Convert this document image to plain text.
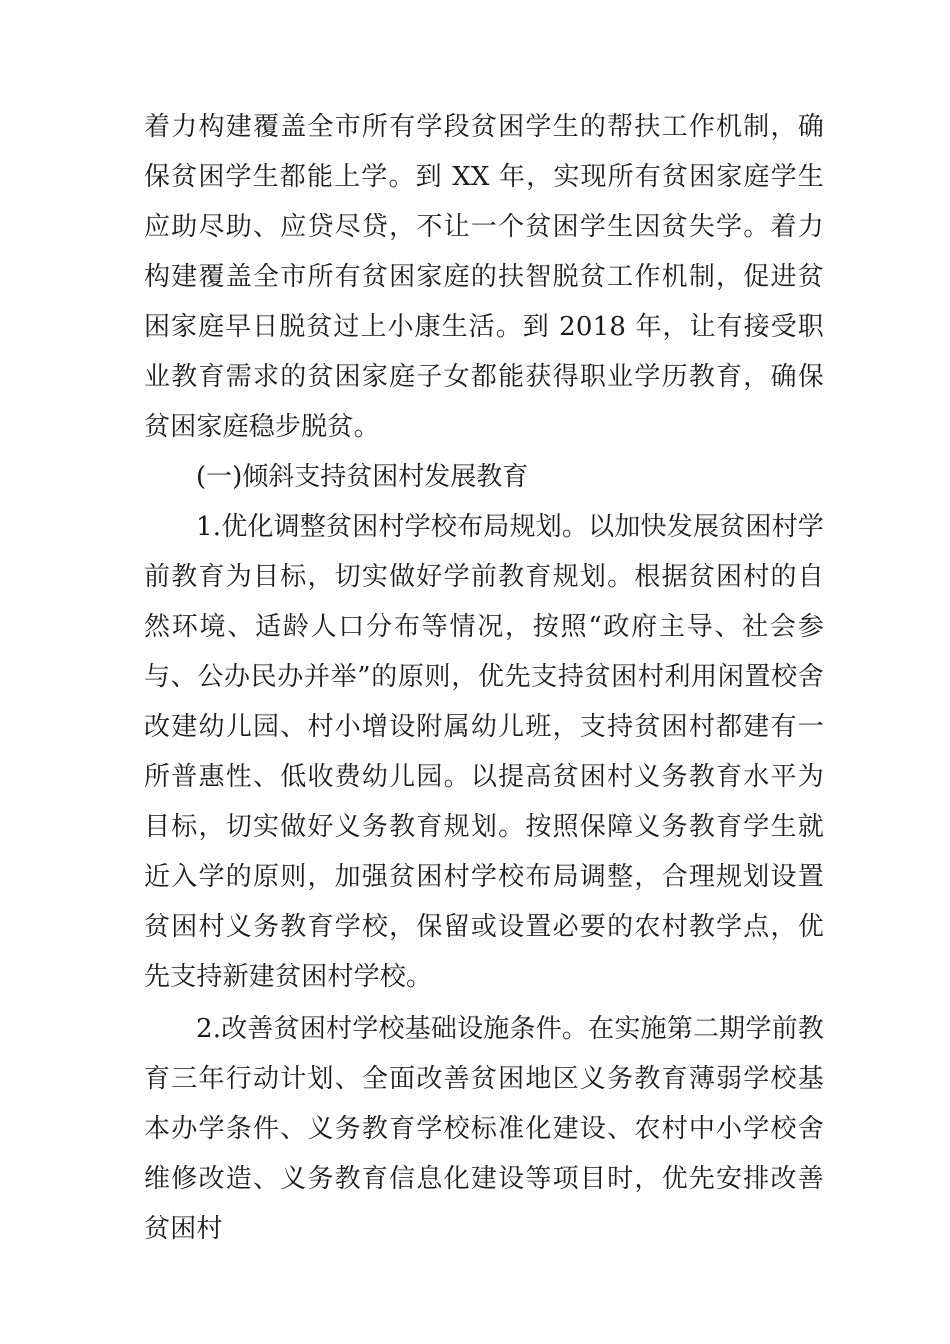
着力构建覆盖全市所有学段贫困学生的帮扶工作机制，确保贫困学生都能上学。到 XX 年，实现所有贫困家庭学生应助尽助、应贷尽贷，不让一个贫困学生因贫失学。着力构建覆盖全市所有贫困家庭的扶智脱贫工作机制，促进贫困家庭早日脱贫过上小康生活。到 2018 年，让有接受职业教育需求的贫困家庭子女都能获得职业学历教育，确保贫困家庭稳步脱贫。

(一)倾斜支持贫困村发展教育

1.优化调整贫困村学校布局规划。以加快发展贫困村学前教育为目标，切实做好学前教育规划。根据贫困村的自然环境、适龄人口分布等情况，按照“政府主导、社会参与、公办民办并举”的原则，优先支持贫困村利用闲置校舍改建幼儿园、村小增设附属幼儿班，支持贫困村都建有一所普惠性、低收费幼儿园。以提高贫困村义务教育水平为目标，切实做好义务教育规划。按照保障义务教育学生就近入学的原则，加强贫困村学校布局调整，合理规划设置贫困村义务教育学校，保留或设置必要的农村教学点，优先支持新建贫困村学校。

2.改善贫困村学校基础设施条件。在实施第二期学前教育三年行动计划、全面改善贫困地区义务教育薄弱学校基本办学条件、义务教育学校标准化建设、农村中小学校舍维修改造、义务教育信息化建设等项目时，优先安排改善贫困村
